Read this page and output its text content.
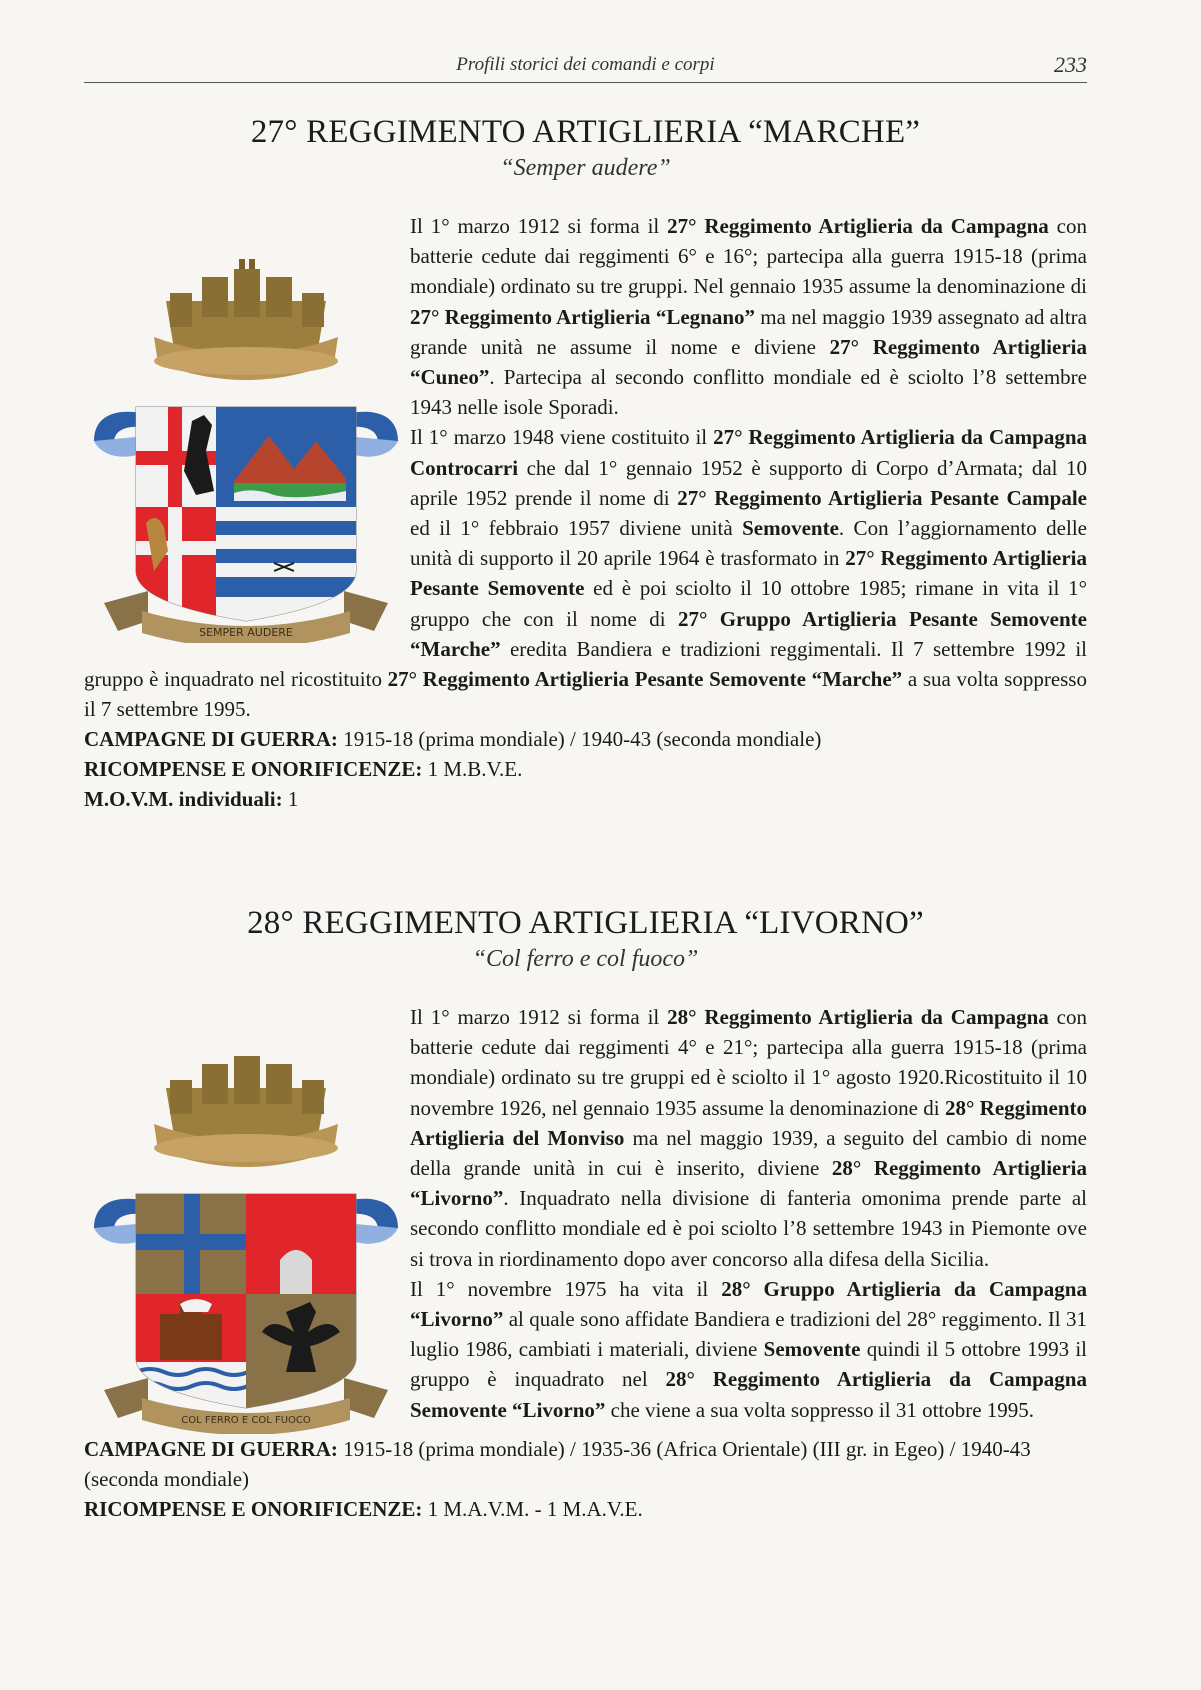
Profili storici dei comandi e corpi	233
27° REGGIMENTO ARTIGLIERIA “MARCHE”
“Semper audere”
SEMPER AUDERE

Il 1° marzo 1912 si forma il 27° Reggimento Artiglieria da Campagna con batterie cedute dai reggimenti 6° e 16°; partecipa alla guerra 1915-18 (prima mondiale) ordinato su tre gruppi. Nel gennaio 1935 assume la denominazione di 27° Reggimento Artiglieria “Legnano” ma nel maggio 1939 assegnato ad altra grande unità ne assume il nome e diviene 27° Reggimento Artiglieria “Cuneo”. Partecipa al secondo conflitto mondiale ed è sciolto l’8 settembre 1943 nelle isole Sporadi.

Il 1° marzo 1948 viene costituito il 27° Reggimento Artiglieria da Campagna Controcarri che dal 1° gennaio 1952 è supporto di Corpo d’Armata; dal 10 aprile 1952 prende il nome di 27° Reggimento Artiglieria Pesante Campale ed il 1° febbraio 1957 diviene unità Semovente. Con l’aggiornamento delle unità di supporto il 20 aprile 1964 è trasformato in 27° Reggimento Artiglieria Pesante Semovente ed è poi sciolto il 10 ottobre 1985; rimane in vita il 1° gruppo che con il nome di 27° Gruppo Artiglieria Pesante Semovente “Marche” eredita Bandiera e tradizioni reggimentali. Il 7 settembre 1992 il gruppo è inquadrato nel ricostituito 27° Reggimento Artiglieria Pesante Semovente “Marche” a sua volta soppresso il 7 settembre 1995.

CAMPAGNE DI GUERRA: 1915-18 (prima mondiale) / 1940-43 (seconda mondiale)
RICOMPENSE E ONORIFICENZE: 1 M.B.V.E.
M.O.V.M. individuali: 1
28° REGGIMENTO ARTIGLIERIA “LIVORNO”
“Col ferro e col fuoco”
COL FERRO E COL FUOCO

Il 1° marzo 1912 si forma il 28° Reggimento Artiglieria da Campagna con batterie cedute dai reggimenti 4° e 21°; partecipa alla guerra 1915-18 (prima mondiale) ordinato su tre gruppi ed è sciolto il 1° agosto 1920.Ricostituito il 10 novembre 1926, nel gennaio 1935 assume la denominazione di 28° Reggimento Artiglieria del Monviso ma nel maggio 1939, a seguito del cambio di nome della grande unità in cui è inserito, diviene 28° Reggimento Artiglieria “Livorno”. Inquadrato nella divisione di fanteria omonima prende parte al secondo conflitto mondiale ed è poi sciolto l’8 settembre 1943 in Piemonte ove si trova in riordinamento dopo aver concorso alla difesa della Sicilia.

Il 1° novembre 1975 ha vita il 28° Gruppo Artiglieria da Campagna “Livorno” al quale sono affidate Bandiera e tradizioni del 28° reggimento. Il 31 luglio 1986, cambiati i materiali, diviene Semovente quindi il 5 ottobre 1993 il gruppo è inquadrato nel 28° Reggimento Artiglieria da Campagna Semovente “Livorno” che viene a sua volta soppresso il 31 ottobre 1995.

CAMPAGNE DI GUERRA: 1915-18 (prima mondiale) / 1935-36 (Africa Orientale) (III gr. in Egeo) / 1940-43 (seconda mondiale)
RICOMPENSE E ONORIFICENZE: 1 M.A.V.M. - 1 M.A.V.E.
